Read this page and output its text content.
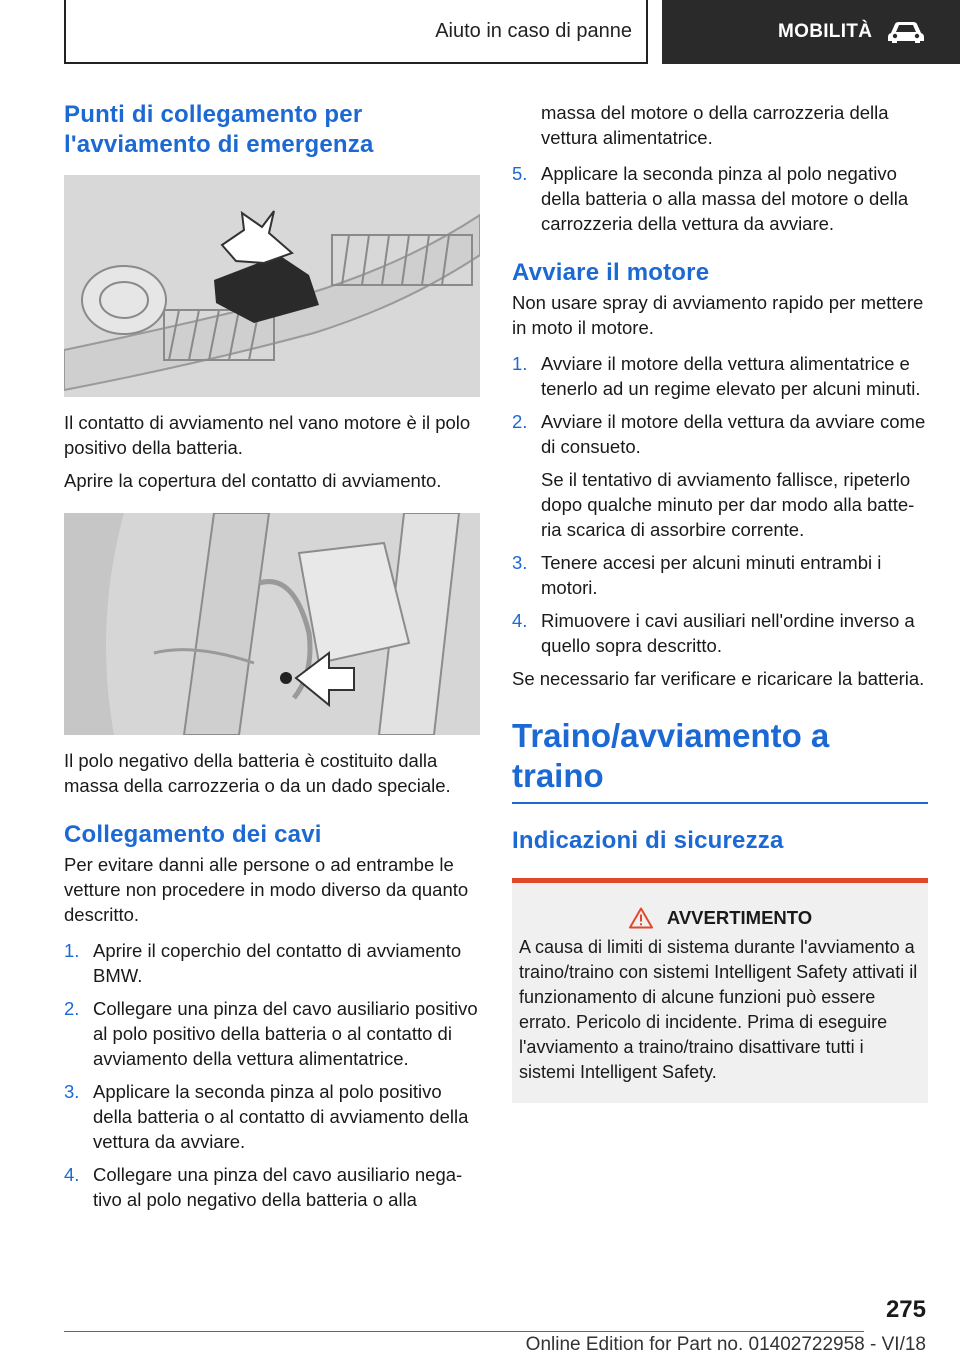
Aiuto in caso di panne	MOBILITÀ
Punti di collegamento per l'avviamento di emergenza

Il contatto di avviamento nel vano motore è il polo positivo della batteria.

Aprire la copertura del contatto di avviamento.

Il polo negativo della batteria è costituito dalla massa della carrozzeria o da un dado speciale.

Collegamento dei cavi

Per evitare danni alle persone o ad entrambe le vetture non procedere in modo diverso da quanto descritto.

1. Aprire il coperchio del contatto di avviamento BMW.
2. Collegare una pinza del cavo ausiliario positivo al polo positivo della batteria o al contatto di avviamento della vettura alimentatrice.
3. Applicare la seconda pinza al polo positivo della batteria o al contatto di avviamento della vettura da avviare.
4. Collegare una pinza del cavo ausiliario negativo al polo negativo della batteria o alla

massa del motore o della carrozzeria della vettura alimentatrice.

5. Applicare la seconda pinza al polo negativo della batteria o alla massa del motore o della carrozzeria della vettura da avviare.
Avviare il motore

Non usare spray di avviamento rapido per mettere in moto il motore.

1. Avviare il motore della vettura alimentatrice e tenerlo ad un regime elevato per alcuni minuti.
2. Avviare il motore della vettura da avviare come di consueto.
Se il tentativo di avviamento fallisce, ripeterlo dopo qualche minuto per dar modo alla batteria scarica di assorbire corrente.
3. Tenere accesi per alcuni minuti entrambi i motori.
4. Rimuovere i cavi ausiliari nell'ordine inverso a quello sopra descritto.

Se necessario far verificare e ricaricare la batteria.

Traino/avviamento a traino
Indicazioni di sicurezza
AVVERTIMENTO

A causa di limiti di sistema durante l'avviamento a traino/traino con sistemi Intelligent Safety attivati il funzionamento di alcune funzioni può essere errato. Pericolo di incidente. Prima di eseguire l'avviamento a traino/traino disattivare tutti i sistemi Intelligent Safety.

275
Online Edition for Part no. 01402722958 - VI/18
